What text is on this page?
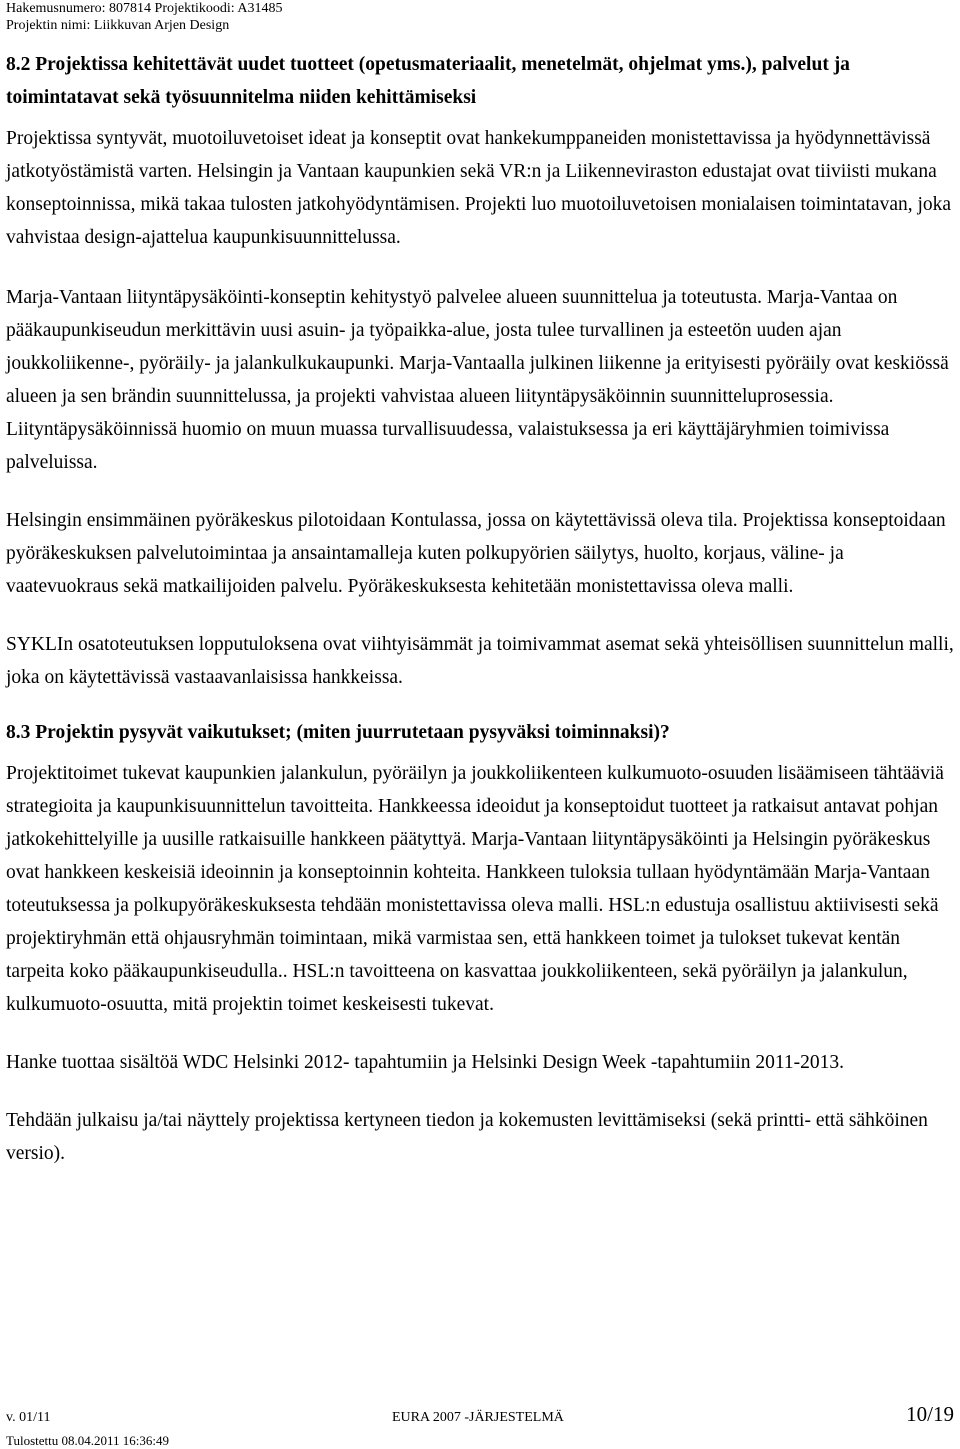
Hakemusnumero: 807814 Projektikoodi: A31485
Projektin nimi: Liikkuvan Arjen Design

8.2 Projektissa kehitettävät uudet tuotteet (opetusmateriaalit, menetelmät, ohjelmat yms.), palvelut ja toimintatavat sekä työsuunnitelma niiden kehittämiseksi

Projektissa syntyvät, muotoiluvetoiset ideat ja konseptit ovat hankekumppaneiden monistettavissa ja hyödynnettävissä jatkotyöstämistä varten. Helsingin ja Vantaan kaupunkien sekä VR:n ja Liikenneviraston edustajat ovat tiiviisti mukana konseptoinnissa, mikä takaa tulosten jatkohyödyntämisen. Projekti luo muotoiluvetoisen monialaisen toimintatavan, joka vahvistaa design-ajattelua kaupunkisuunnittelussa.

Marja-Vantaan liityntäpysäköinti-konseptin kehitystyö palvelee alueen suunnittelua ja toteutusta. Marja-Vantaa on pääkaupunkiseudun merkittävin uusi asuin- ja työpaikka-alue, josta tulee turvallinen ja esteetön uuden ajan joukkoliikenne-, pyöräily- ja jalankulkukaupunki. Marja-Vantaalla julkinen liikenne ja erityisesti pyöräily ovat keskiössä alueen ja sen brändin suunnittelussa, ja projekti vahvistaa alueen liityntäpysäköinnin suunnitteluprosessia. Liityntäpysäköinnissä huomio on muun muassa turvallisuudessa, valaistuksessa ja eri käyttäjäryhmien toimivissa palveluissa.

Helsingin ensimmäinen pyöräkeskus pilotoidaan Kontulassa, jossa on käytettävissä oleva tila. Projektissa konseptoidaan pyöräkeskuksen palvelutoimintaa ja ansaintamalleja kuten polkupyörien säilytys, huolto, korjaus, väline- ja vaatevuokraus sekä matkailijoiden palvelu. Pyöräkeskuksesta kehitetään monistettavissa oleva malli.

SYKLIn osatoteutuksen lopputuloksena ovat viihtyisämmät ja toimivammat asemat sekä yhteisöllisen suunnittelun malli, joka on käytettävissä vastaavanlaisissa hankkeissa.

8.3 Projektin pysyvät vaikutukset; (miten juurrutetaan pysyväksi toiminnaksi)?

Projektitoimet tukevat kaupunkien jalankulun, pyöräilyn ja joukkoliikenteen kulkumuoto-osuuden lisäämiseen tähtääviä strategioita ja kaupunkisuunnittelun tavoitteita. Hankkeessa ideoidut ja konseptoidut tuotteet ja ratkaisut antavat pohjan jatkokehittelyille ja uusille ratkaisuille hankkeen päätyttyä. Marja-Vantaan liityntäpysäköinti ja Helsingin pyöräkeskus ovat hankkeen keskeisiä ideoinnin ja konseptoinnin kohteita. Hankkeen tuloksia tullaan hyödyntämään Marja-Vantaan toteutuksessa ja polkupyöräkeskuksesta tehdään monistettavissa oleva malli. HSL:n edustuja osallistuu aktiivisesti sekä projektiryhmän että ohjausryhmän toimintaan, mikä varmistaa sen, että hankkeen toimet ja tulokset tukevat kentän tarpeita koko pääkaupunkiseudulla.. HSL:n tavoitteena on kasvattaa joukkoliikenteen, sekä pyöräilyn ja jalankulun, kulkumuoto-osuutta, mitä projektin toimet keskeisesti tukevat.

Hanke tuottaa sisältöä WDC Helsinki 2012- tapahtumiin ja Helsinki Design Week -tapahtumiin 2011-2013.

Tehdään julkaisu ja/tai näyttely projektissa kertyneen tiedon ja kokemusten levittämiseksi (sekä printti- että sähköinen versio).

v. 01/11	EURA 2007 -JÄRJESTELMÄ	10/19
Tulostettu 08.04.2011 16:36:49
